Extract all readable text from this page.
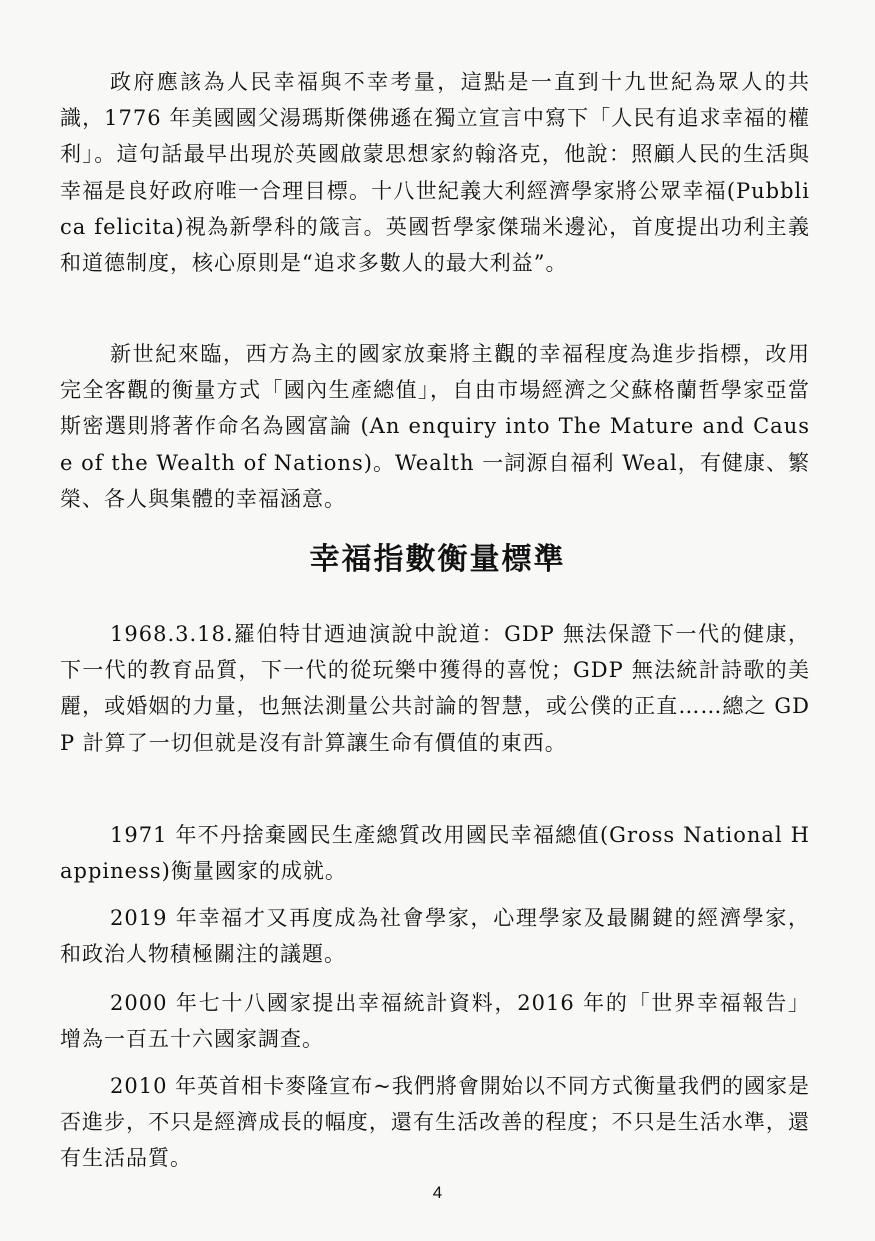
政府應該為人民幸福與不幸考量，這點是一直到十九世紀為眾人的共識，1776 年美國國父湯瑪斯傑佛遜在獨立宣言中寫下「人民有追求幸福的權利」。這句話最早出現於英國啟蒙思想家約翰洛克，他說：照顧人民的生活與幸福是良好政府唯一合理目標。十八世紀義大利經濟學家將公眾幸福(Pubblica felicita)視為新學科的箴言。英國哲學家傑瑞米邊沁，首度提出功利主義和道德制度，核心原則是“追求多數人的最大利益”。

新世紀來臨，西方為主的國家放棄將主觀的幸福程度為進步指標，改用完全客觀的衡量方式「國內生產總值」，自由市場經濟之父蘇格蘭哲學家亞當斯密選則將著作命名為國富論 (An enquiry into The Mature and Cause of the Wealth of Nations)。Wealth 一詞源自福利 Weal，有健康、繁榮、各人與集體的幸福涵意。

幸福指數衡量標準

1968.3.18.羅伯特甘迺迪演說中說道：GDP 無法保證下一代的健康，下一代的教育品質，下一代的從玩樂中獲得的喜悅；GDP 無法統計詩歌的美麗，或婚姻的力量，也無法測量公共討論的智慧，或公僕的正直……總之 GDP 計算了一切但就是沒有計算讓生命有價值的東西。

1971 年不丹捨棄國民生產總質改用國民幸福總值(Gross National Happiness)衡量國家的成就。

2019 年幸福才又再度成為社會學家，心理學家及最關鍵的經濟學家，和政治人物積極關注的議題。

2000 年七十八國家提出幸福統計資料，2016 年的「世界幸福報告」增為一百五十六國家調查。

2010 年英首相卡麥隆宣布~我們將會開始以不同方式衡量我們的國家是否進步，不只是經濟成長的幅度，還有生活改善的程度；不只是生活水準，還有生活品質。

4
